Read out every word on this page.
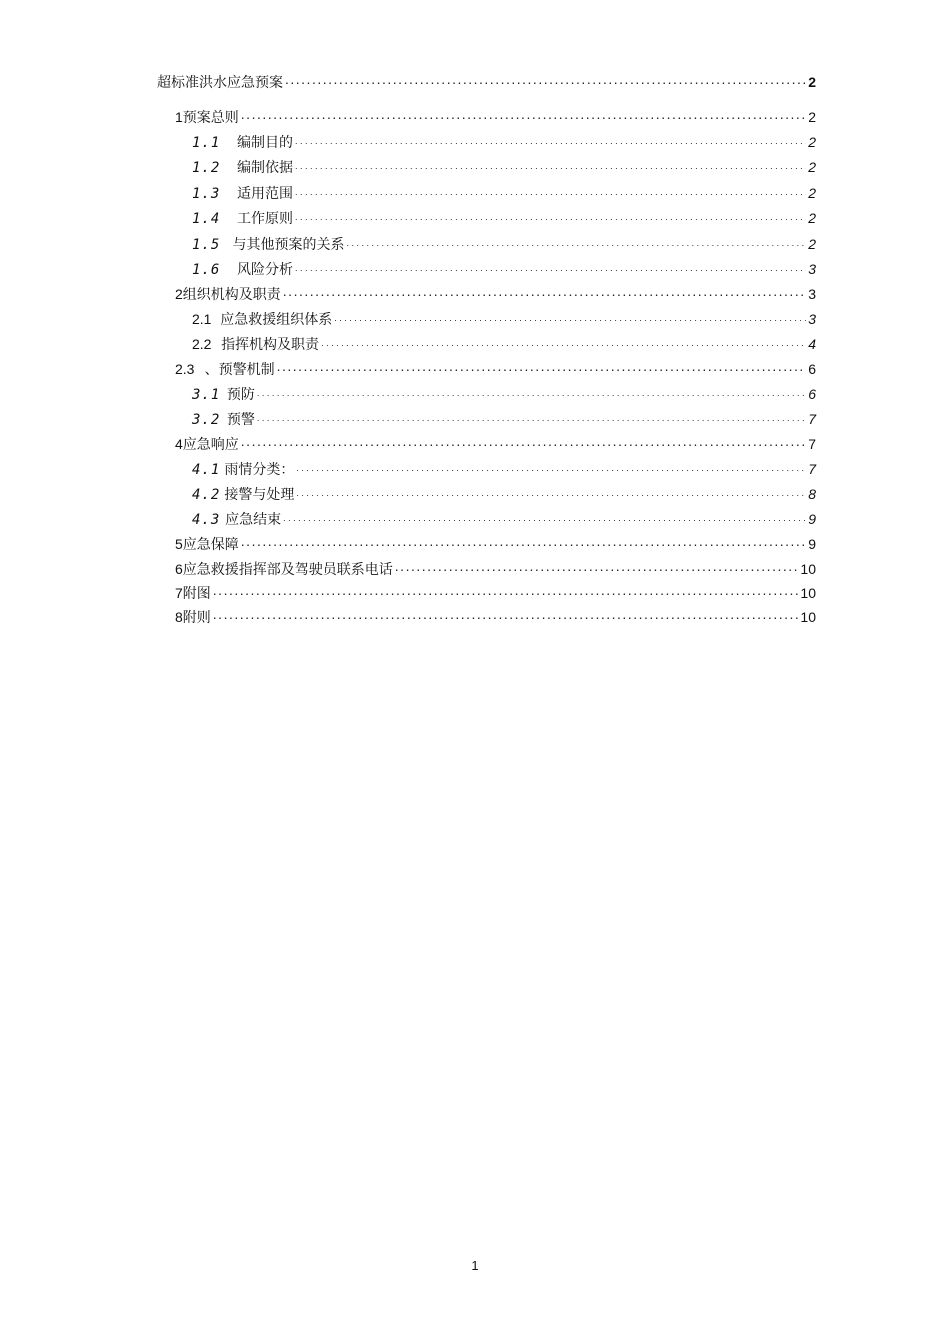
超标准洪水应急预案 .....	2
1 预案总则 .....	2
1.1	编制目的 . . .	2
1.2	编制依据 . . .	2
1.3	适用范围 . . .	2
1.4	工作原则 . . .	2
1.5 与其他预案的关系 . . .	2
1.6	风险分析 . . .	3
2 组织机构及职责 .....	3
2.1 应急救援组织体系 . . .	3
2.2 指挥机构及职责 . . .	4
2.3 、预警机制 .....	6
3.1 预防 . . .	6
3.2 预警 . . .	7
4 应急响应 .....	7
4.1 雨情分类： . . .	7
4.2 接警与处理 . . .	8
4.3 应急结束 . . .	9
5 应急保障 .....	9
6 应急救援指挥部及驾驶员联系电话 .....	10
7 附图 .....	10
8 附则 .....	10
1
